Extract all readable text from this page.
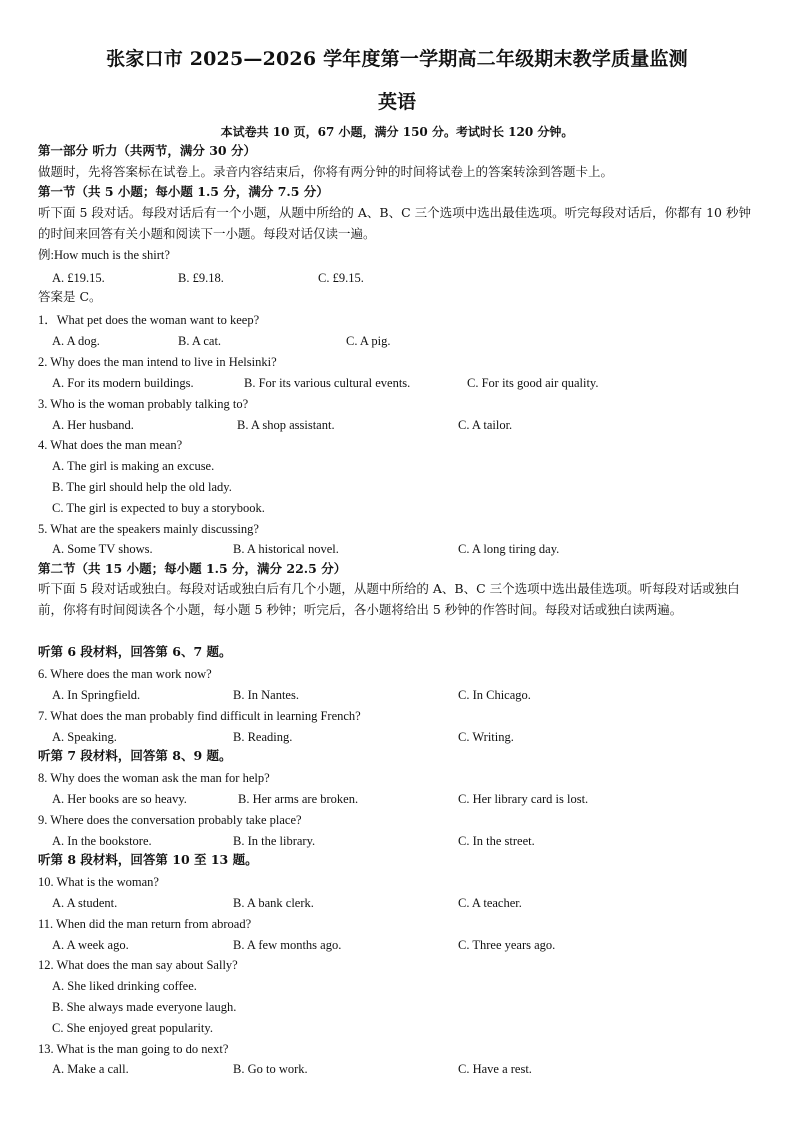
张家口市 2025—2026 学年度第一学期高二年级期末教学质量监测
英语
本试卷共 10 页，67 小题，满分 150 分。考试时长 120 分钟。
第一部分 听力（共两节，满分 30 分）
做题时，先将答案标在试卷上。录音内容结束后，你将有两分钟的时间将试卷上的答案转涂到答题卡上。
第一节（共 5 小题；每小题 1.5 分，满分 7.5 分）
听下面 5 段对话。每段对话后有一个小题，从题中所给的 A、B、C 三个选项中选出最佳选项。听完每段对话后，你都有 10 秒钟的时间来回答有关小题和阅读下一小题。每段对话仅读一遍。
例:How much is the shirt?
A. £19.15.	B. £9.18.	C. £9.15.
答案是 C。
1．What pet does the woman want to keep?
A. A dog.	B. A cat.	C. A pig.
2. Why does the man intend to live in Helsinki?
A. For its modern buildings.	B. For its various cultural events.	C. For its good air quality.
3. Who is the woman probably talking to?
A. Her husband.	B. A shop assistant.	C. A tailor.
4. What does the man mean?
A. The girl is making an excuse.
B. The girl should help the old lady.
C. The girl is expected to buy a storybook.
5. What are the speakers mainly discussing?
A. Some TV shows.	B. A historical novel.	C. A long tiring day.
第二节（共 15 小题；每小题 1.5 分，满分 22.5 分）
听下面 5 段对话或独白。每段对话或独白后有几个小题，从题中所给的 A、B、C 三个选项中选出最佳选项。听每段对话或独白前，你将有时间阅读各个小题，每小题 5 秒钟；听完后，各小题将给出 5 秒钟的作答时间。每段对话或独白读两遍。
听第 6 段材料，回答第 6、7 题。
6. Where does the man work now?
A. In Springfield.	B. In Nantes.	C. In Chicago.
7. What does the man probably find difficult in learning French?
A. Speaking.	B. Reading.	C. Writing.
听第 7 段材料，回答第 8、9 题。
8. Why does the woman ask the man for help?
A. Her books are so heavy.	B. Her arms are broken.	C. Her library card is lost.
9. Where does the conversation probably take place?
A. In the bookstore.	B. In the library.	C. In the street.
听第 8 段材料，回答第 10 至 13 题。
10. What is the woman?
A. A student.	B. A bank clerk.	C. A teacher.
11. When did the man return from abroad?
A. A week ago.	B. A few months ago.	C. Three years ago.
12. What does the man say about Sally?
A. She liked drinking coffee.
B. She always made everyone laugh.
C. She enjoyed great popularity.
13. What is the man going to do next?
A. Make a call.	B. Go to work.	C. Have a rest.
